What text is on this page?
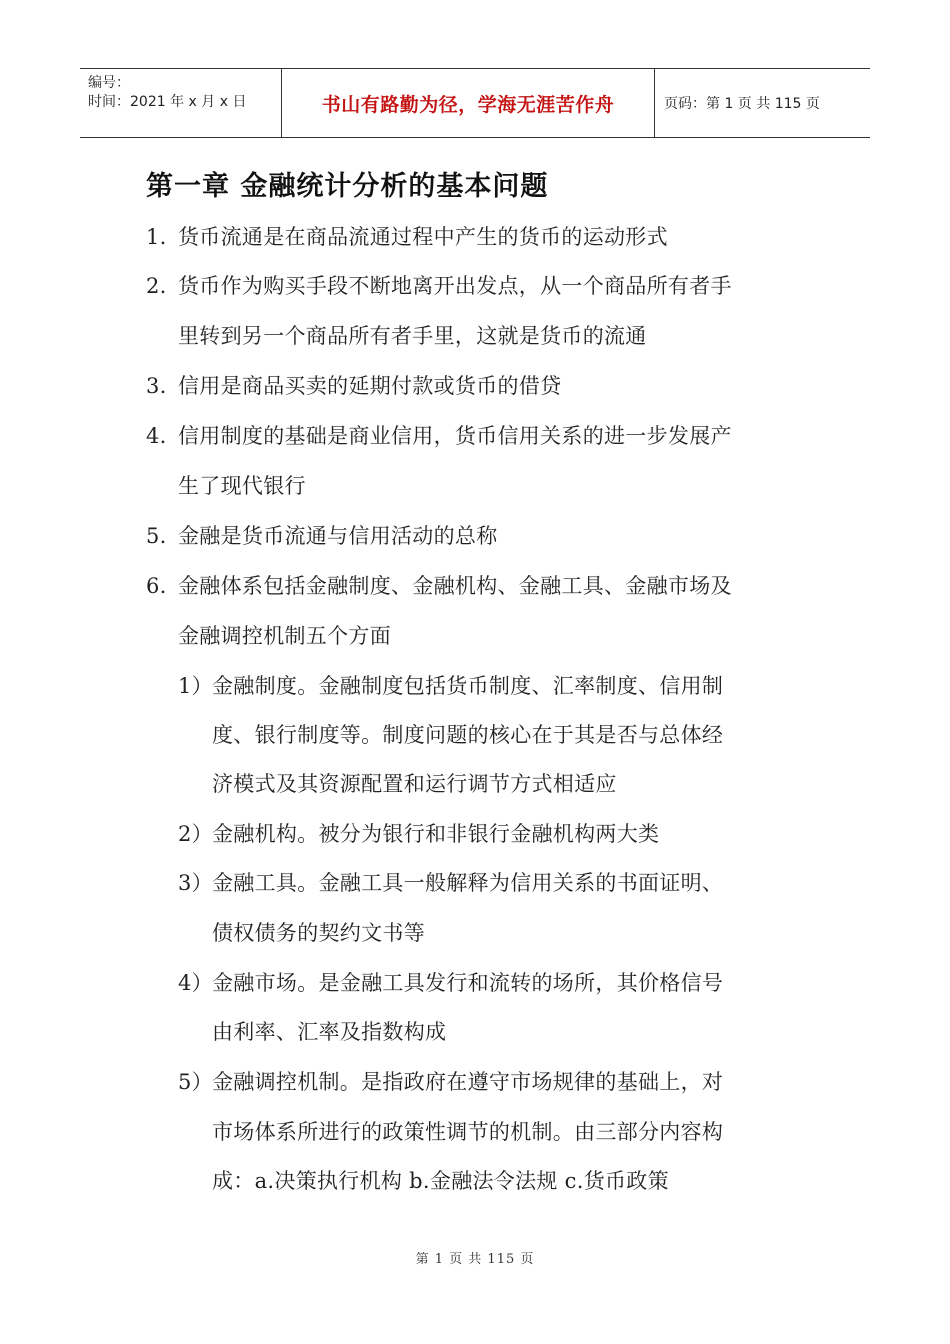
编号：
时间：2021 年 x 月 x 日	书山有路勤为径，学海无涯苦作舟	页码：第 1 页 共 115 页
第一章 金融统计分析的基本问题
1. 货币流通是在商品流通过程中产生的货币的运动形式
2. 货币作为购买手段不断地离开出发点，从一个商品所有者手
里转到另一个商品所有者手里，这就是货币的流通
3. 信用是商品买卖的延期付款或货币的借贷
4. 信用制度的基础是商业信用，货币信用关系的进一步发展产
生了现代银行
5. 金融是货币流通与信用活动的总称
6. 金融体系包括金融制度、金融机构、金融工具、金融市场及
金融调控机制五个方面
1）金融制度。金融制度包括货币制度、汇率制度、信用制
度、银行制度等。制度问题的核心在于其是否与总体经
济模式及其资源配置和运行调节方式相适应
2）金融机构。被分为银行和非银行金融机构两大类
3）金融工具。金融工具一般解释为信用关系的书面证明、
债权债务的契约文书等
4）金融市场。是金融工具发行和流转的场所，其价格信号
由利率、汇率及指数构成
5）金融调控机制。是指政府在遵守市场规律的基础上，对
市场体系所进行的政策性调节的机制。由三部分内容构
成：a.决策执行机构 b.金融法令法规 c.货币政策
第 1 页 共 115 页
